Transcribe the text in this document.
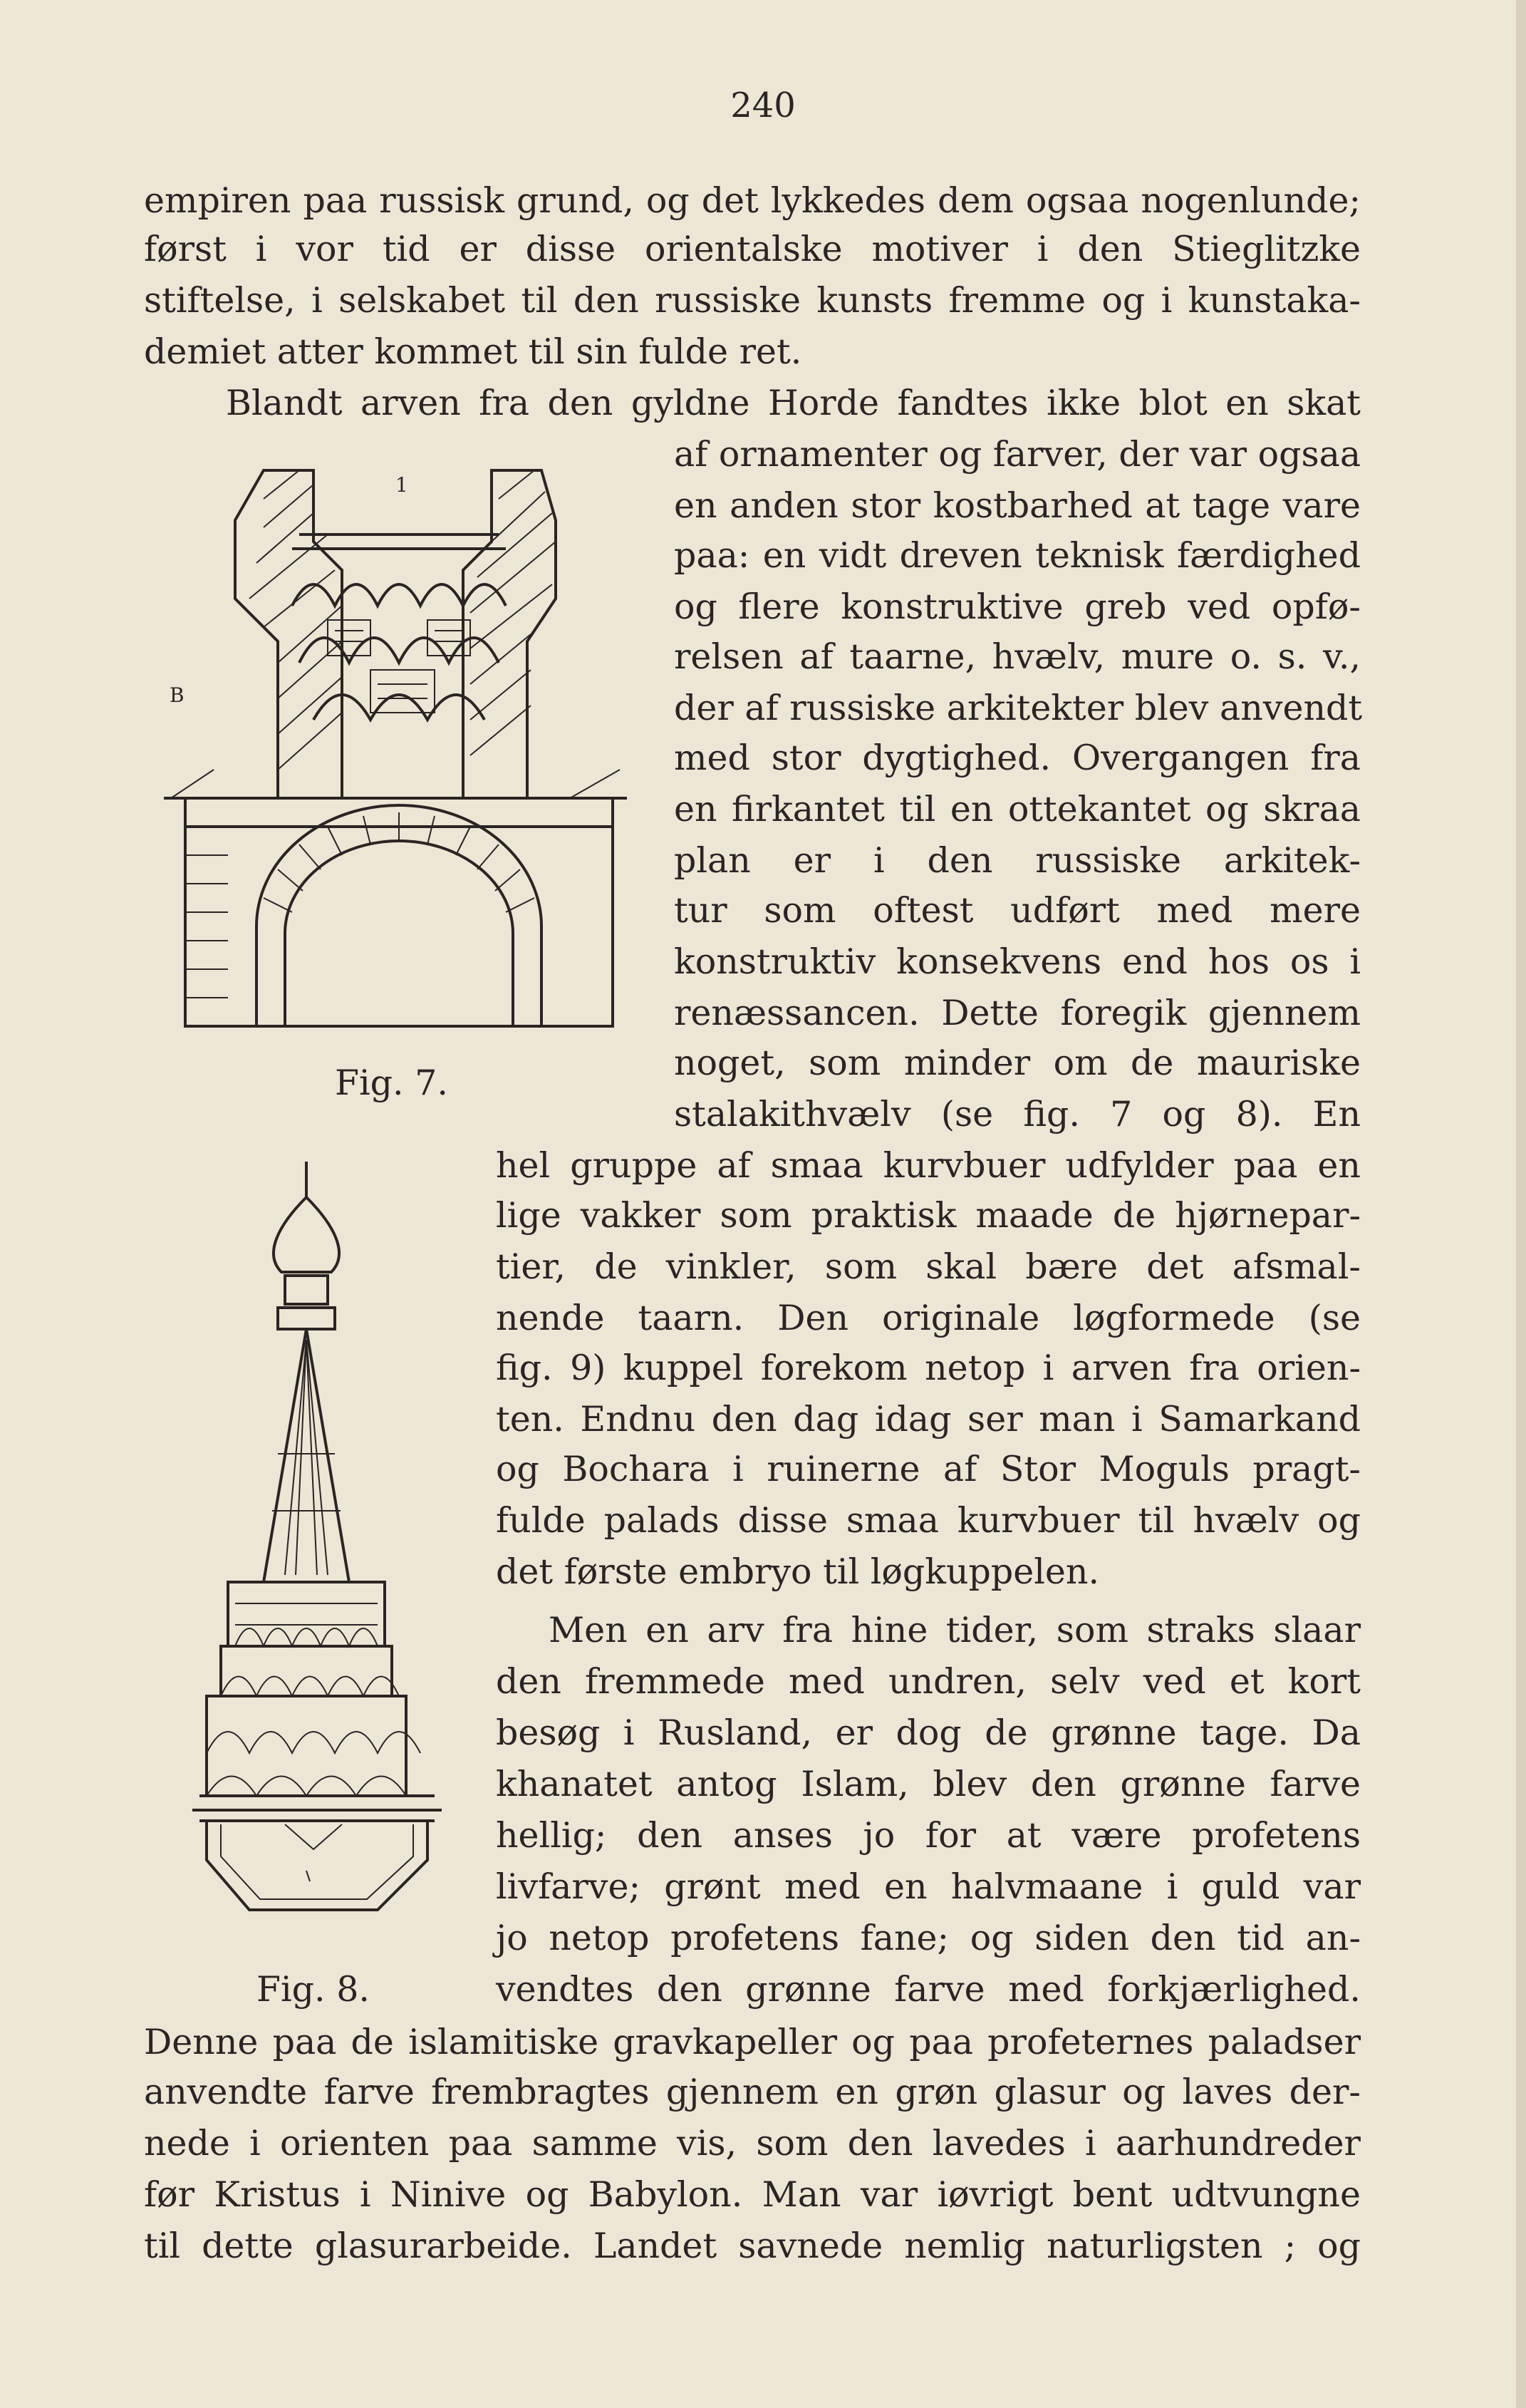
240
empiren paa russisk grund, og det lykkedes dem ogsaa nogenlunde;
først i vor tid er disse orientalske motiver i den Stieglitzke
stiftelse, i selskabet til den russiske kunsts fremme og i kunstaka-
demiet atter kommet til sin fulde ret.
Blandt arven fra den gyldne Horde fandtes ikke blot en skat
af ornamenter og farver, der var ogsaa
en anden stor kostbarhed at tage vare
paa: en vidt dreven teknisk færdighed
og flere konstruktive greb ved opfø-
relsen af taarne, hvælv, mure o. s. v.,
der af russiske arkitekter blev anvendt
med stor dygtighed. Overgangen fra
en firkantet til en ottekantet og skraa
plan er i den russiske arkitek-
tur som oftest udført med mere
konstruktiv konsekvens end hos os i
renæssancen. Dette foregik gjennem
noget, som minder om de mauriske
stalakithvælv (se fig. 7 og 8). En
hel gruppe af smaa kurvbuer udfylder paa en
lige vakker som praktisk maade de hjørnepar-
tier, de vinkler, som skal bære det afsmal-
nende taarn. Den originale løgformede (se
fig. 9) kuppel forekom netop i arven fra orien-
ten. Endnu den dag idag ser man i Samarkand
og Bochara i ruinerne af Stor Moguls pragt-
fulde palads disse smaa kurvbuer til hvælv og
det første embryo til løgkuppelen.
Men en arv fra hine tider, som straks slaar
den fremmede med undren, selv ved et kort
besøg i Rusland, er dog de grønne tage. Da
khanatet antog Islam, blev den grønne farve
hellig; den anses jo for at være profetens
livfarve; grønt med en halvmaane i guld var
jo netop profetens fane; og siden den tid an-
vendtes den grønne farve med forkjærlighed.
Denne paa de islamitiske gravkapeller og paa profeternes paladser
anvendte farve frembragtes gjennem en grøn glasur og laves der-
nede i orienten paa samme vis, som den lavedes i aarhundreder
før Kristus i Ninive og Babylon. Man var iøvrigt bent udtvungne
til dette glasurarbeide. Landet savnede nemlig naturligsten ; og
1
B
Fig. 7.
Fig. 8.
